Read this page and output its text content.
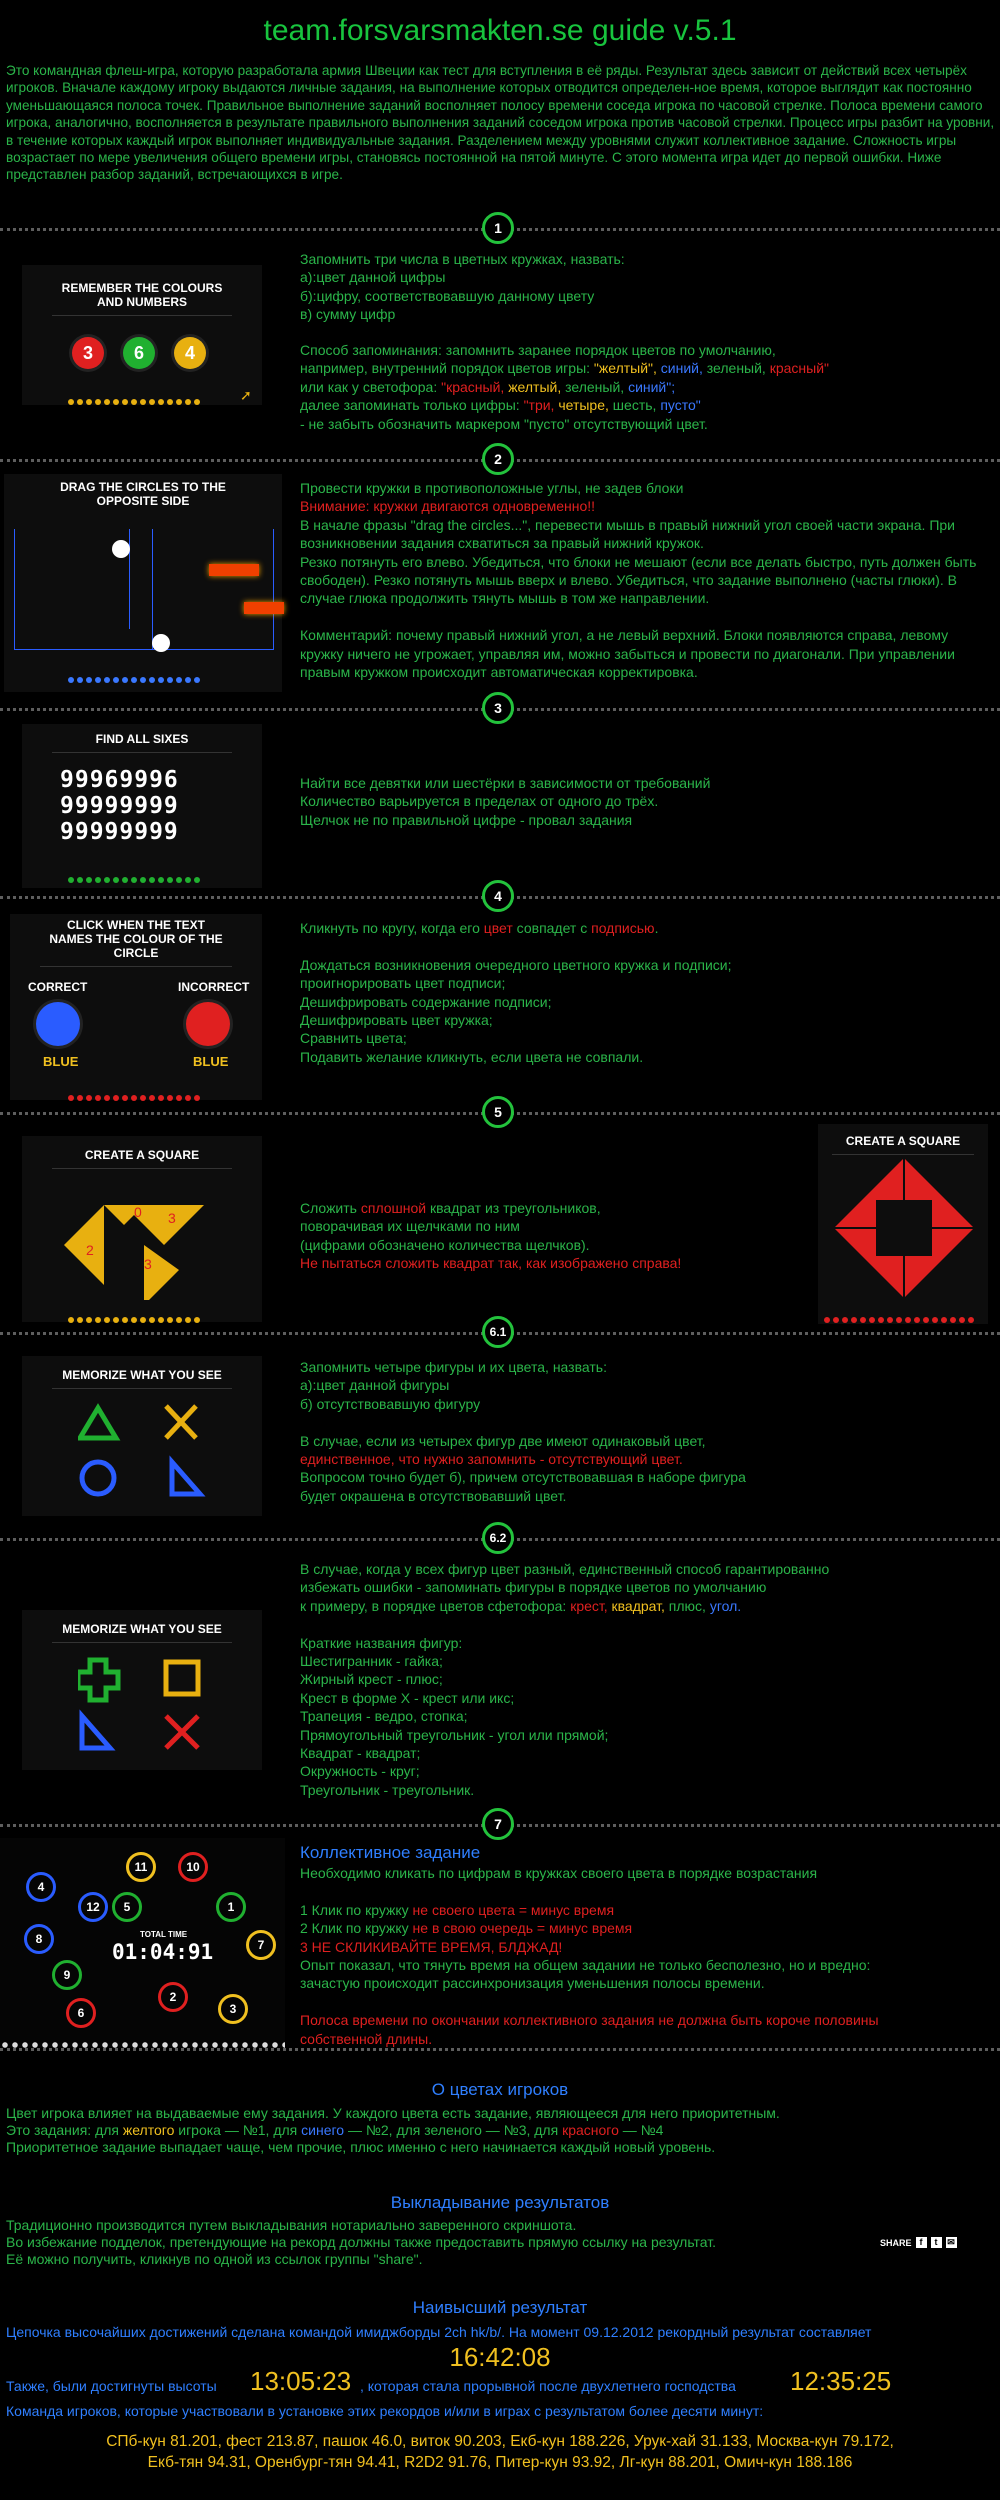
team.forsvarsmakten.se guide v.5.1
Это командная флеш-игра, которую разработала армия Швеции как тест для вступления в её ряды. Результат здесь зависит от действий всех четырёх игроков. Вначале каждому игроку выдаются личные задания, на выполнение которых отводится определен-ное время, которое выглядит как постоянно уменьшающаяся полоса точек. Правильное выполнение заданий восполняет полосу времени соседа игрока по часовой стрелке. Полоса времени самого игрока, аналогично, восполняется в результате правильного выполнения заданий соседом игрока против часовой стрелки. Процесс игры разбит на уровни, в течение которых каждый игрок выполняет индивидуальные задания. Разделением между уровнями служит коллективное задание. Сложность игры возрастает по мере увеличения общего времени игры, становясь постоянной на пятой минуте. С этого момента игра идет до первой ошибки. Ниже представлен разбор заданий, встречающихся в игре.
1
2
3
4
5
6.1
6.2
7
REMEMBER THE COLOURS AND NUMBERS
3	6	4
➚
Запомнить три числа в цветных кружках, назвать:
а):цвет данной цифры
б):цифру, соответствовавшую данному цвету
в) сумму цифр
Способ запоминания: запомнить заранее порядок цветов по умолчанию,
например, внутренний порядок цветов игры: "желтый", синий, зеленый, красный"
или как у светофора: "красный, желтый, зеленый, синий";
далее запоминать только цифры: "три, четыре, шесть, пусто"
- не забыть обозначить маркером "пусто" отсутствующий цвет.
DRAG THE CIRCLES TO THE OPPOSITE SIDE
Провести кружки в противоположные углы, не задев блоки
Внимание: кружки двигаются одновременно!!
В начале фразы "drag the circles...", перевести мышь в правый нижний угол своей части экрана. При возникновении задания схватиться за правый нижний кружок.
Резко потянуть его влево. Убедиться, что блоки не мешают (если все делать быстро, путь должен быть свободен). Резко потянуть мышь вверх и влево. Убедиться, что задание выполнено (часты глюки). В случае глюка продолжить тянуть мышь в том же направлении.

Комментарий: почему правый нижний угол, а не левый верхний. Блоки появляются справа, левому кружку ничего не угрожает, управляя им, можно забыться и провести по диагонали. При управлении правым кружком происходит автоматическая корректировка.
FIND ALL SIXES
99969996
99999999
99999999
Найти все девятки или шестёрки в зависимости от требований
Количество варьируется в пределах от одного до трёх.
Щелчок не по правильной цифре - провал задания
CLICK WHEN THE TEXT NAMES THE COLOUR OF THE CIRCLE
CORRECT	INCORRECT
BLUE	BLUE
Кликнуть по кругу, когда его цвет совпадет с подписью.

Дождаться возникновения очередного цветного кружка и подписи;
проигнорировать цвет подписи;
Дешифрировать содержание подписи;
Дешифрировать цвет кружка;
Сравнить цвета;
Подавить желание кликнуть, если цвета не совпали.
CREATE A SQUARE
2
0 3
3
Сложить сплошной квадрат из треугольников,
поворачивая их щелчками по ним
(цифрами обозначено количества щелчков).
Не пытаться сложить квадрат так, как изображено справа!
CREATE A SQUARE
MEMORIZE WHAT YOU SEE	Запомнить четыре фигуры и их цвета, назвать:
а):цвет данной фигуры
б) отсутствовавшую фигуру

В случае, если из четырех фигур две имеют одинаковый цвет,
единственное, что нужно запомнить - отсутствующий цвет.
Вопросом точно будет б), причем отсутствовавшая в наборе фигура
будет окрашена в отсутствовавший цвет.
MEMORIZE WHAT YOU SEE
В случае, когда у всех фигур цвет разный, единственный способ гарантированно
избежать ошибки - запоминать фигуры в порядке цветов по умолчанию
к примеру, в порядке цветов сфетофора: крест, квадрат, плюс, угол.

Краткие названия фигур:
Шестигранник - гайка;
Жирный крест - плюс;
Крест в форме Х - крест или икс;
Трапеция - ведро, стопка;
Прямоугольный треугольник - угол или прямой;
Квадрат - квадрат;
Окружность - круг;
Треугольник - треугольник.
4
11	10
12	5	1
8	7
9
2
6	3
TOTAL TIME
01:04:91
Коллективное задание
Необходимо кликать по цифрам в кружках своего цвета в порядке возрастания

1 Клик по кружку не своего цвета = минус время
2 Клик по кружку не в свою очередь = минус время
3 НЕ СКЛИКИВАЙТЕ ВРЕМЯ, БЛДЖАД!
Опыт показал, что тянуть время на общем задании не только бесполезно, но и вредно:
зачастую происходит рассинхронизация уменьшения полосы времени.

Полоса времени по окончании коллективного задания не должна быть короче половины
собственной длины.
О цветах игроков
Цвет игрока влияет на выдаваемые ему задания. У каждого цвета есть задание, являющееся для него приоритетным.
Это задания: для желтого игрока — №1, для синего — №2, для зеленого — №3, для красного — №4
Приоритетное задание выпадает чаще, чем прочие, плюс именно с него начинается каждый новый уровень.
Выкладывание результатов
Традиционно производится путем выкладывания нотариально заверенного скриншота.
Во избежание подделок, претендующие на рекорд должны также предоставить прямую ссылку на результат.
Её можно получить, кликнув по одной из ссылок группы "share".
SHARE f	t	✉
Наивысший результат
Цепочка высочайших достижений сделана командой имиджборды 2ch hk/b/. На момент 09.12.2012 рекордный результат составляет
16:42:08
Также, были достигнуты высоты 13:05:23 , которая стала прорывной после двухлетнего господства 12:35:25
Команда игроков, которые участвовали в установке этих рекордов и/или в играх с результатом более десяти минут:
СПб-кун 81.201, фест 213.87, пашок 46.0, виток 90.203, Екб-кун 188.226, Урук-хай 31.133, Москва-кун 79.172,
Екб-тян 94.31, Оренбург-тян 94.41, R2D2 91.76, Питер-кун 93.92, Лг-кун 88.201, Омич-кун 188.186
